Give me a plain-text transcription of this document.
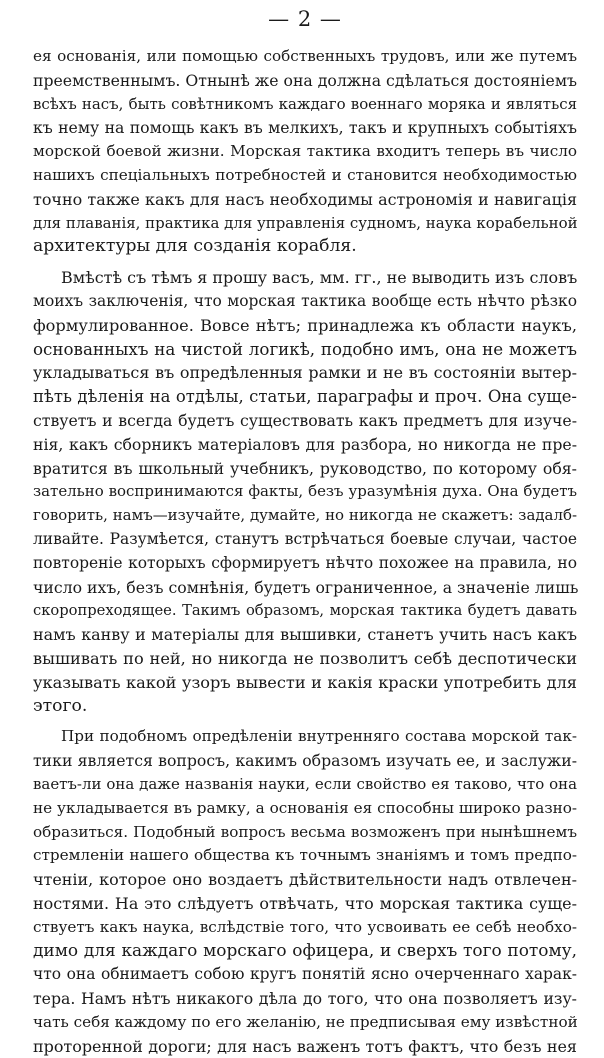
— 2 —
ея основанія, или помощью собственныхъ трудовъ, или же путемъ
преемственнымъ. Отнынѣ же она должна сдѣлаться достояніемъ
всѣхъ насъ, быть совѣтникомъ каждаго военнаго моряка и являться
къ нему на помощь какъ въ мелкихъ, такъ и крупныхъ событіяхъ
морской боевой жизни. Морская тактика входитъ теперь въ число
нашихъ спеціальныхъ потребностей и становится необходимостью
точно также какъ для насъ необходимы астрономія и навигація
для плаванія, практика для управленія судномъ, наука корабельной
архитектуры для созданія корабля.
Вмѣстѣ съ тѣмъ я прошу васъ, мм. гг., не выводить изъ словъ
моихъ заключенія, что морская тактика вообще есть нѣчто рѣзко
формулированное. Вовсе нѣтъ; принадлежа къ области наукъ,
основанныхъ на чистой логикѣ, подобно имъ, она не можетъ
укладываться въ опредѣленныя рамки и не въ состояніи вытер-
пѣть дѣленія на отдѣлы, статьи, параграфы и проч. Она суще-
ствуетъ и всегда будетъ существовать какъ предметъ для изуче-
нія, какъ сборникъ матеріаловъ для разбора, но никогда не пре-
вратится въ школьный учебникъ, руководство, по которому обя-
зательно воспринимаются факты, безъ уразумѣнія духа. Она будетъ
говорить, намъ—изучайте, думайте, но никогда не скажетъ: задалб-
ливайте. Разумѣется, станутъ встрѣчаться боевые случаи, частое
повтореніе которыхъ сформируетъ нѣчто похожее на правила, но
число ихъ, безъ сомнѣнія, будетъ ограниченное, а значеніе лишь
скоропреходящее. Такимъ образомъ, морская тактика будетъ давать
намъ канву и матеріалы для вышивки, станетъ учить насъ какъ
вышивать по ней, но никогда не позволитъ себѣ деспотически
указывать какой узоръ вывести и какія краски употребить для
этого.
При подобномъ опредѣленіи внутренняго состава морской так-
тики является вопросъ, какимъ образомъ изучать ее, и заслужи-
ваетъ-ли она даже названія науки, если свойство ея таково, что она
не укладывается въ рамку, а основанія ея способны широко разно-
образиться. Подобный вопросъ весьма возможенъ при нынѣшнемъ
стремленіи нашего общества къ точнымъ знаніямъ и томъ предпо-
чтеніи, которое оно воздаетъ дѣйствительности надъ отвлечен-
ностями. На это слѣдуетъ отвѣчать, что морская тактика суще-
ствуетъ какъ наука, вслѣдствіе того, что усвоивать ее себѣ необхо-
димо для каждаго морскаго офицера, и сверхъ того потому,
что она обнимаетъ собою кругъ понятій ясно очерченнаго харак-
тера. Намъ нѣтъ никакого дѣла до того, что она позволяетъ изу-
чать себя каждому по его желанію, не предписывая ему извѣстной
проторенной дороги; для насъ важенъ тотъ фактъ, что безъ нея
